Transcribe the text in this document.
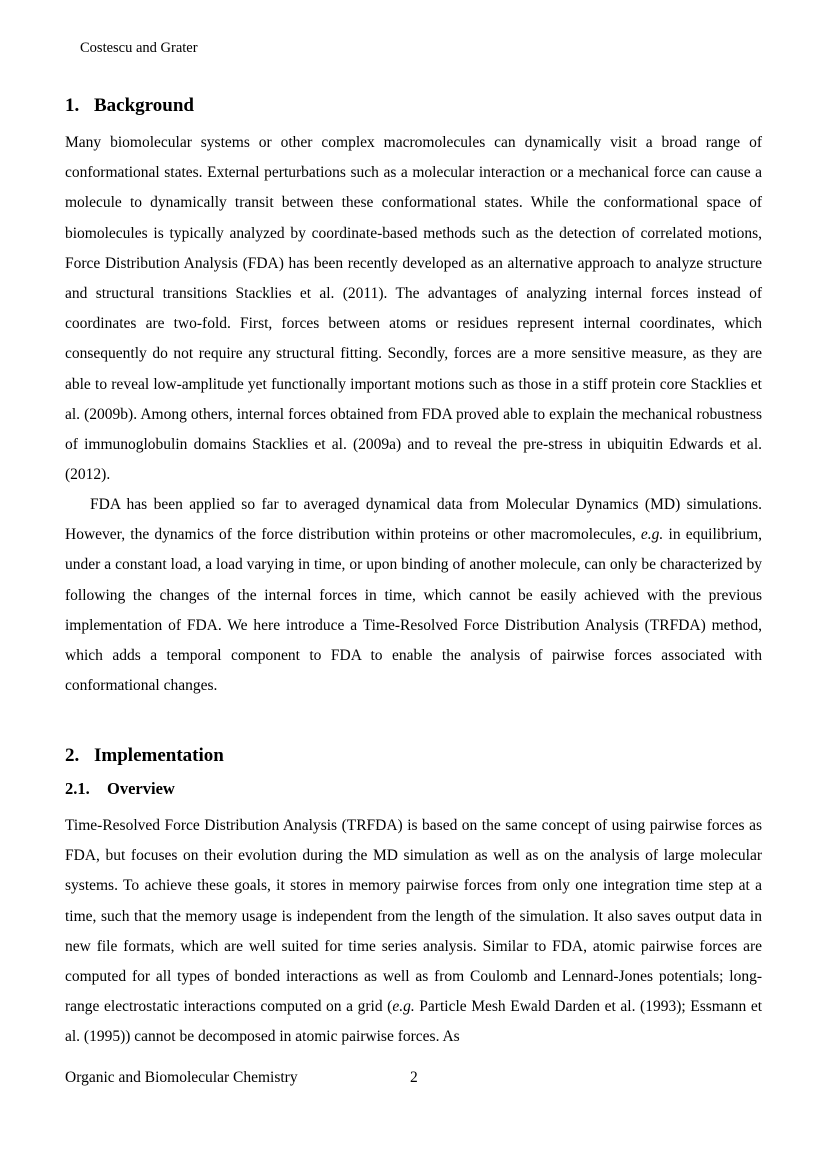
Costescu and Grater
1. Background

Many biomolecular systems or other complex macromolecules can dynamically visit a broad range of conformational states. External perturbations such as a molecular interaction or a mechanical force can cause a molecule to dynamically transit between these conformational states. While the conformational space of biomolecules is typically analyzed by coordinate-based methods such as the detection of correlated motions, Force Distribution Analysis (FDA) has been recently developed as an alternative approach to analyze structure and structural transitions Stacklies et al. (2011). The advantages of analyzing internal forces instead of coordinates are two-fold. First, forces between atoms or residues represent internal coordinates, which consequently do not require any structural fitting. Secondly, forces are a more sensitive measure, as they are able to reveal low-amplitude yet functionally important motions such as those in a stiff protein core Stacklies et al. (2009b). Among others, internal forces obtained from FDA proved able to explain the mechanical robustness of immunoglobulin domains Stacklies et al. (2009a) and to reveal the pre-stress in ubiquitin Edwards et al. (2012).

FDA has been applied so far to averaged dynamical data from Molecular Dynamics (MD) simulations. However, the dynamics of the force distribution within proteins or other macromolecules, e.g. in equilibrium, under a constant load, a load varying in time, or upon binding of another molecule, can only be characterized by following the changes of the internal forces in time, which cannot be easily achieved with the previous implementation of FDA. We here introduce a Time-Resolved Force Distribution Analysis (TRFDA) method, which adds a temporal component to FDA to enable the analysis of pairwise forces associated with conformational changes.

2. Implementation
2.1. Overview

Time-Resolved Force Distribution Analysis (TRFDA) is based on the same concept of using pairwise forces as FDA, but focuses on their evolution during the MD simulation as well as on the analysis of large molecular systems. To achieve these goals, it stores in memory pairwise forces from only one integration time step at a time, such that the memory usage is independent from the length of the simulation. It also saves output data in new file formats, which are well suited for time series analysis. Similar to FDA, atomic pairwise forces are computed for all types of bonded interactions as well as from Coulomb and Lennard-Jones potentials; long-range electrostatic interactions computed on a grid (e.g. Particle Mesh Ewald Darden et al. (1993); Essmann et al. (1995)) cannot be decomposed in atomic pairwise forces. As

Organic and Biomolecular Chemistry	2
